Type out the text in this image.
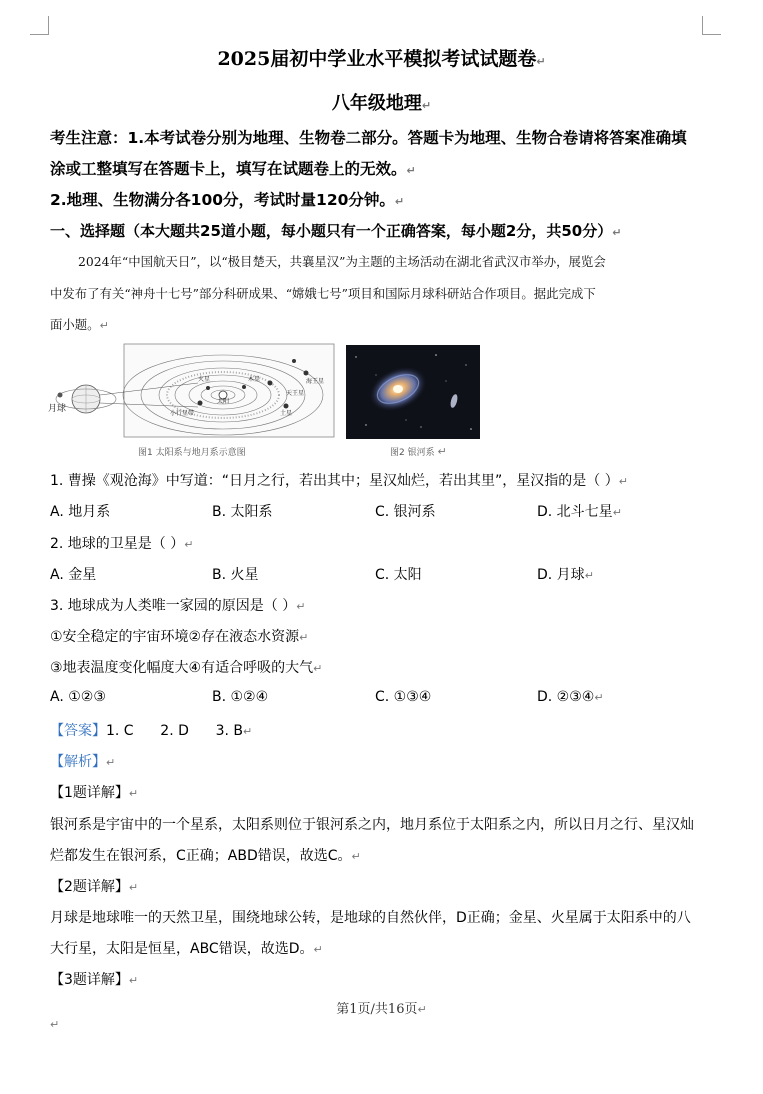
2025届初中学业水平模拟考试试题卷↵
八年级地理↵
考生注意：1.本考试卷分别为地理、生物卷二部分。答题卡为地理、生物合卷请将答案准确填
涂或工整填写在答题卡上，填写在试题卷上的无效。↵
2.地理、生物满分各100分，考试时量120分钟。↵
一、选择题（本大题共25道小题，每小题只有一个正确答案，每小题2分，共50分）↵
2024年“中国航天日”，以“极目楚天，共襄星汉”为主题的主场活动在湖北省武汉市举办，展览会
中发布了有关“神舟十七号”部分科研成果、“嫦娥七号”项目和国际月球科研站合作项目。据此完成下
面小题。↵
月球
太阳
海王星
天王星
土星
木星
火星
小行星带
图1 太阳系与地月系示意图	图2 银河系 ↵
1. 曹操《观沧海》中写道：“日月之行，若出其中；星汉灿烂，若出其里”，星汉指的是（ ）↵
A. 地月系	B. 太阳系	C. 银河系	D. 北斗七星↵
2. 地球的卫星是（ ）↵
A. 金星	B. 火星	C. 太阳	D. 月球↵
3. 地球成为人类唯一家园的原因是（ ）↵
①安全稳定的宇宙环境②存在液态水资源↵
③地表温度变化幅度大④有适合呼吸的大气↵
A. ①②③	B. ①②④	C. ①③④	D. ②③④↵
【答案】1. C      2. D      3. B↵
【解析】↵
【1题详解】↵
银河系是宇宙中的一个星系，太阳系则位于银河系之内，地月系位于太阳系之内，所以日月之行、星汉灿
烂都发生在银河系，C正确；ABD错误，故选C。↵
【2题详解】↵
月球是地球唯一的天然卫星，围绕地球公转，是地球的自然伙伴，D正确；金星、火星属于太阳系中的八
大行星，太阳是恒星，ABC错误，故选D。↵
【3题详解】↵
第1页/共16页↵
↵
